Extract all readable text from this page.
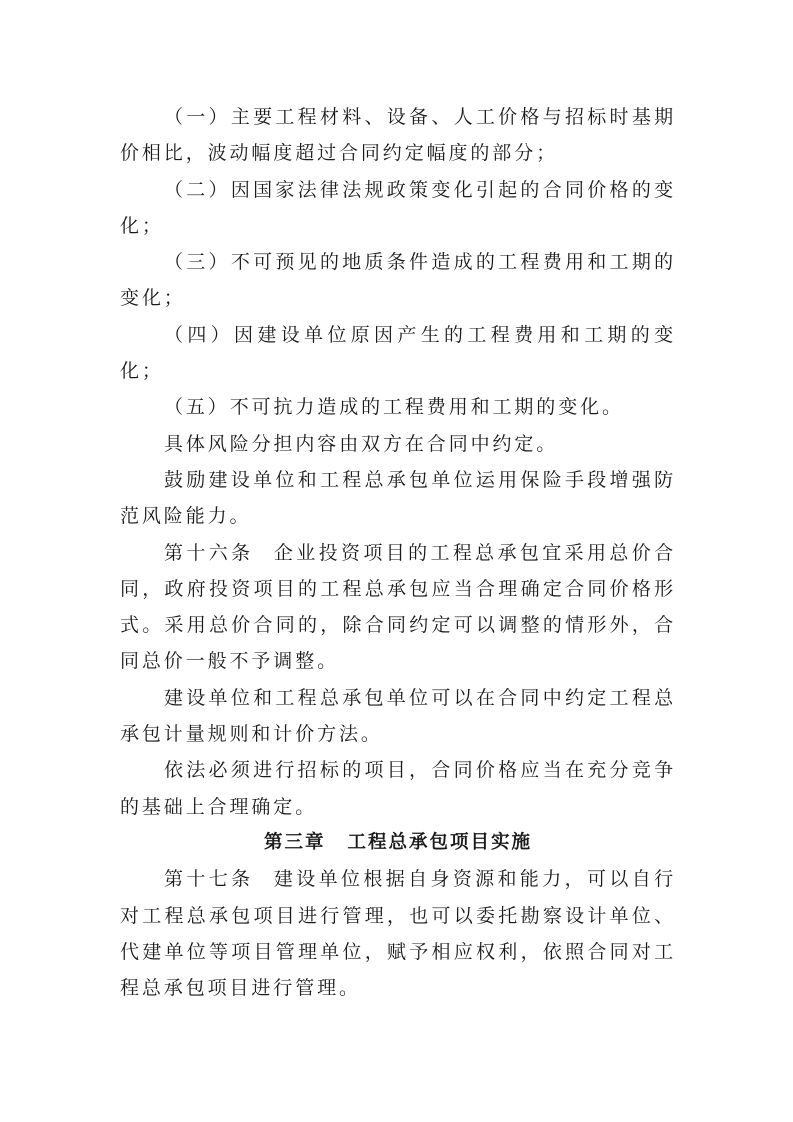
（一）主要工程材料、设备、人工价格与招标时基期价相比，波动幅度超过合同约定幅度的部分；

（二）因国家法律法规政策变化引起的合同价格的变化；

（三）不可预见的地质条件造成的工程费用和工期的变化；

（四）因建设单位原因产生的工程费用和工期的变化；

（五）不可抗力造成的工程费用和工期的变化。

具体风险分担内容由双方在合同中约定。

鼓励建设单位和工程总承包单位运用保险手段增强防范风险能力。

第十六条 企业投资项目的工程总承包宜采用总价合同，政府投资项目的工程总承包应当合理确定合同价格形式。采用总价合同的，除合同约定可以调整的情形外，合同总价一般不予调整。

建设单位和工程总承包单位可以在合同中约定工程总承包计量规则和计价方法。

依法必须进行招标的项目，合同价格应当在充分竞争的基础上合理确定。

第三章 工程总承包项目实施

第十七条 建设单位根据自身资源和能力，可以自行对工程总承包项目进行管理，也可以委托勘察设计单位、代建单位等项目管理单位，赋予相应权利，依照合同对工程总承包项目进行管理。
